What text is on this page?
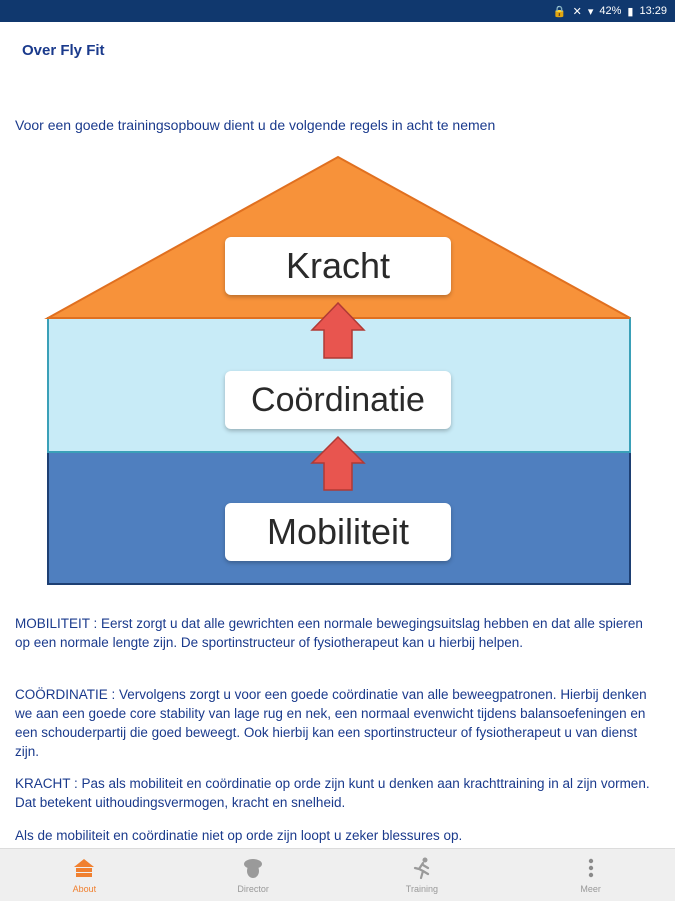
🔒 ✕ ▾ 42% ▮ 13:29
Over Fly Fit
Voor een goede trainingsopbouw dient u de volgende regels in acht te nemen
Kracht
Coördinatie
Mobiliteit
MOBILITEIT : Eerst zorgt u dat alle gewrichten een normale bewegingsuitslag hebben en dat alle spieren op een normale lengte zijn. De sportinstructeur of fysiotherapeut kan u hierbij helpen.
COÖRDINATIE : Vervolgens zorgt u voor een goede coördinatie van alle beweegpatronen. Hierbij denken we aan een goede core stability van lage rug en nek, een normaal evenwicht tijdens balansoefeningen en een schouderpartij die goed beweegt. Ook hierbij kan een sportinstructeur of fysiotherapeut u van dienst zijn.
KRACHT : Pas als mobiliteit en coördinatie op orde zijn kunt u denken aan krachttraining in al zijn vormen. Dat betekent uithoudingsvermogen, kracht en snelheid.
Als de mobiliteit en coördinatie niet op orde zijn loopt u zeker blessures op.
About	Director	Training	Meer
